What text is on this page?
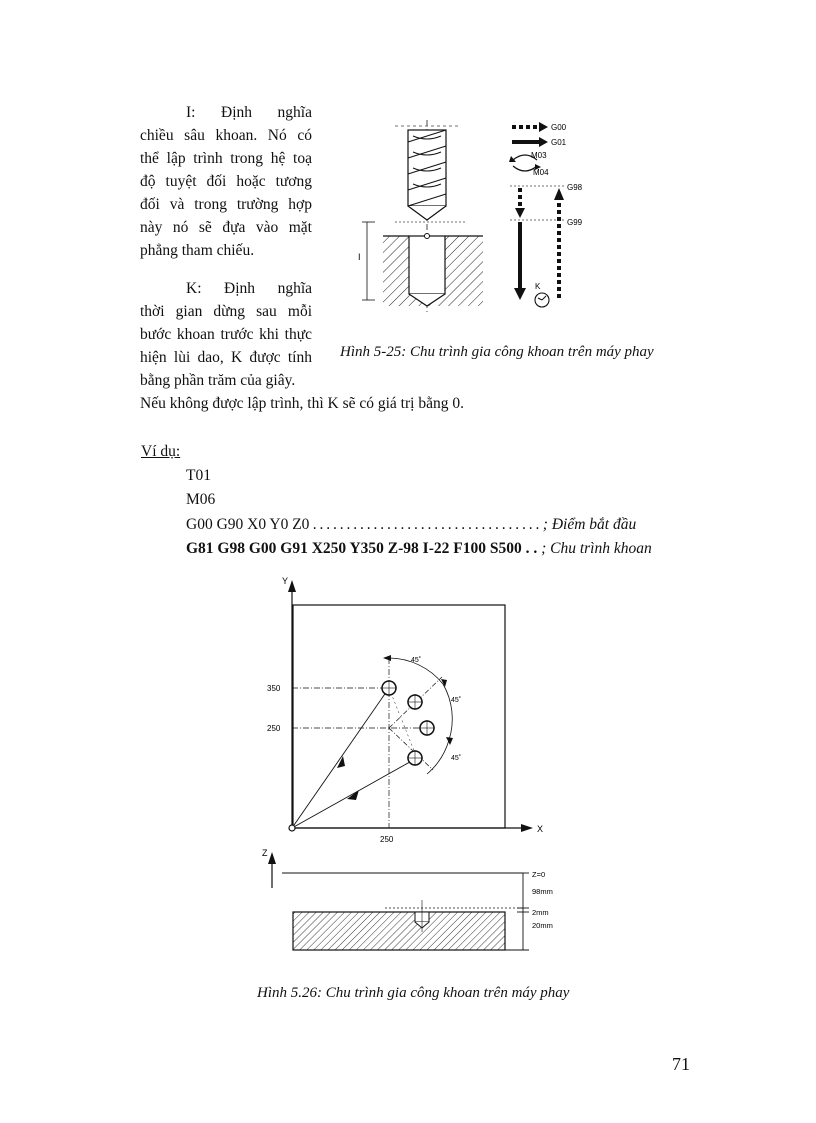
I: Định nghĩa
chiều sâu khoan. Nó có
thể lập trình trong hệ toạ
độ tuyệt đối hoặc tương
đối và trong trường hợp
này nó sẽ đựa vào mặt
phẳng tham chiếu.
K: Định nghĩa
thời gian dừng sau mỗi
bước khoan trước khi thực
hiện lùi dao, K được tính
bằng phần trăm của giây.
Nếu không được lập trình, thì K sẽ có giá trị bằng 0.
I
G00
G01
M03
M04
G98
G99
K
Hình 5-25: Chu trình gia công khoan trên máy phay
Ví dụ:
T01
M06
G00 G90 X0 Y0 Z0 . . . . . . . . . . . . . . . . . . . . . . . . . . . . . . . . . . ; Điểm bắt đầu
G81 G98 G00 G91 X250 Y350 Z-98 I-22 F100 S500 . . ; Chu trình khoan
Y
X
350
250
250
45˚
45˚
45˚
Z
Z=0
98mm
2mm
20mm
Hình 5.26: Chu trình gia công khoan trên máy phay
71
